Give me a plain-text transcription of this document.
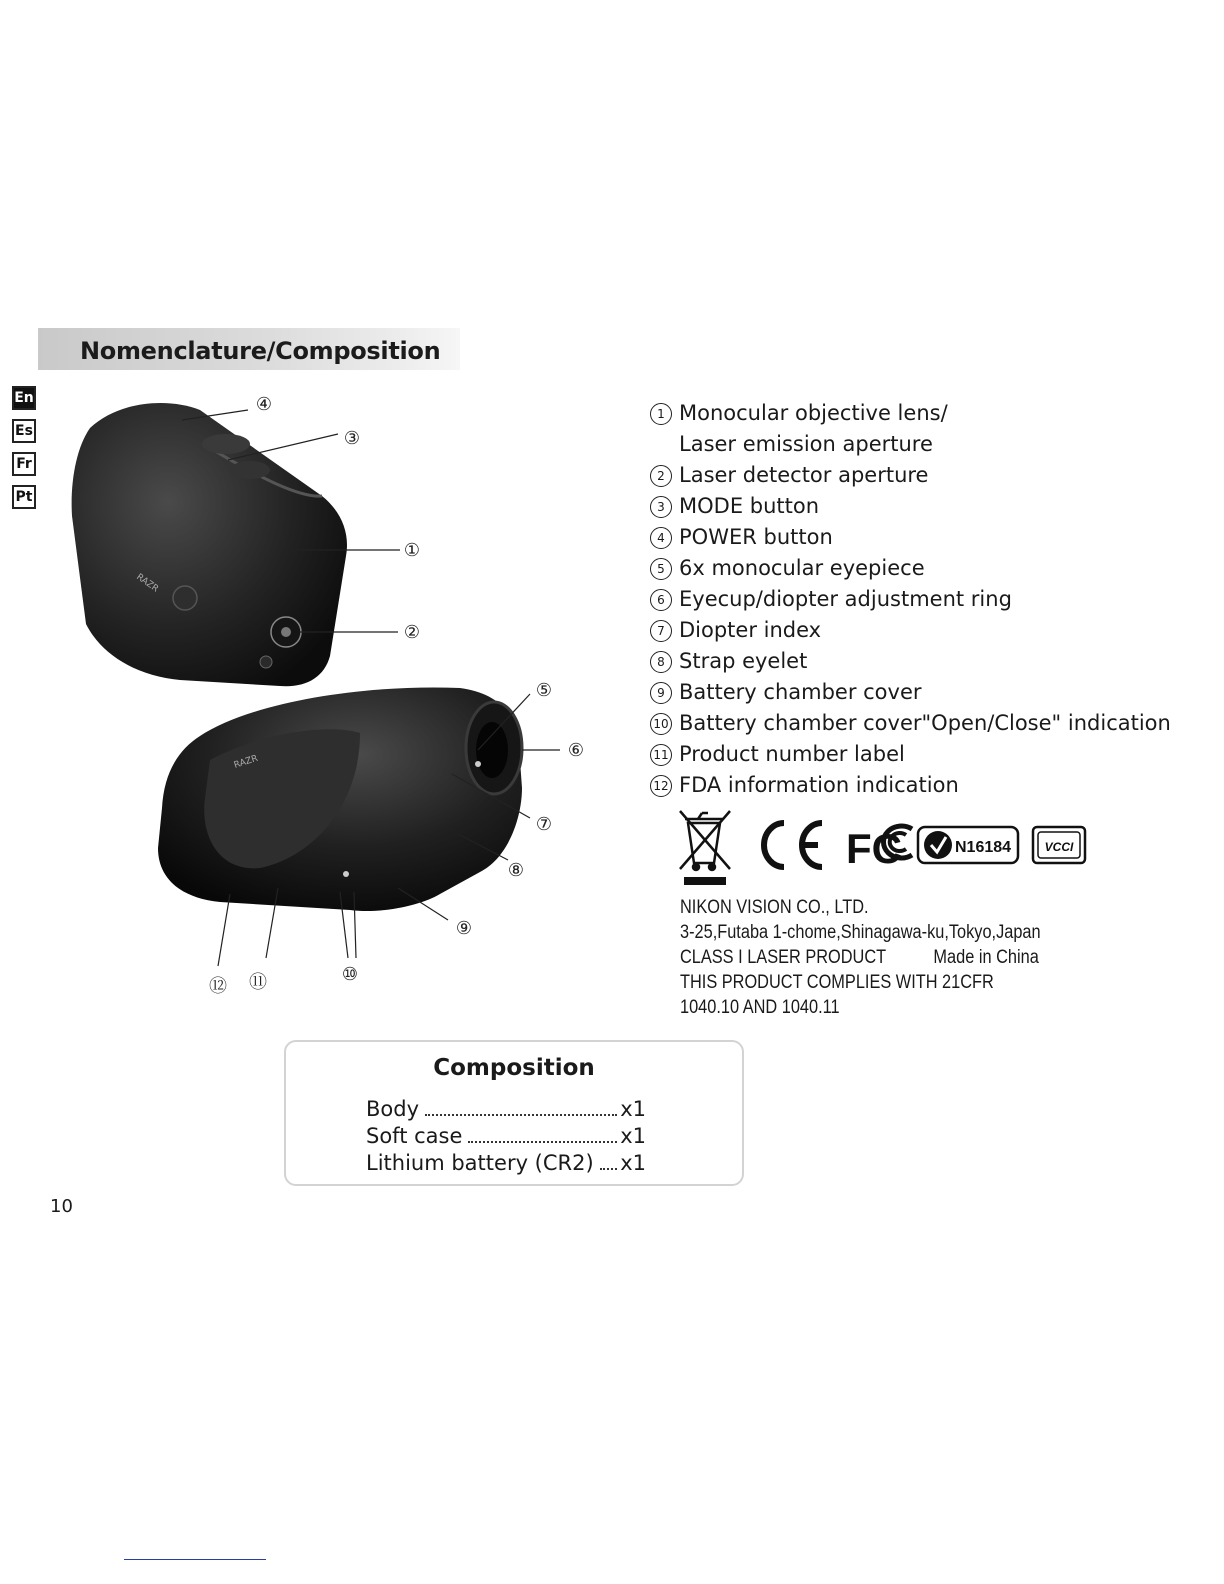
Nomenclature/Composition
En
Es
Fr
Pt
RAZR
RAZR
④
③
①
②
⑤
⑥
⑦
⑧
⑨
⑩
⑪
⑫
1 Monocular objective lens/
Laser emission aperture
2 Laser detector aperture
3 MODE button
4 POWER button
5 6x monocular eyepiece
6 Eyecup/diopter adjustment ring
7 Diopter index
8 Strap eyelet
9 Battery chamber cover
10 Battery chamber cover"Open/Close" indication
11 Product number label
12 FDA information indication
FC	N16184	VCCI
NIKON VISION CO., LTD.
3-25,Futaba 1-chome,Shinagawa-ku,Tokyo,Japan
CLASS I LASER PRODUCT Made in China
THIS PRODUCT COMPLIES WITH 21CFR
1040.10 AND 1040.11
Composition
Body	x1
Soft case	x1
Lithium battery (CR2) x1
10
